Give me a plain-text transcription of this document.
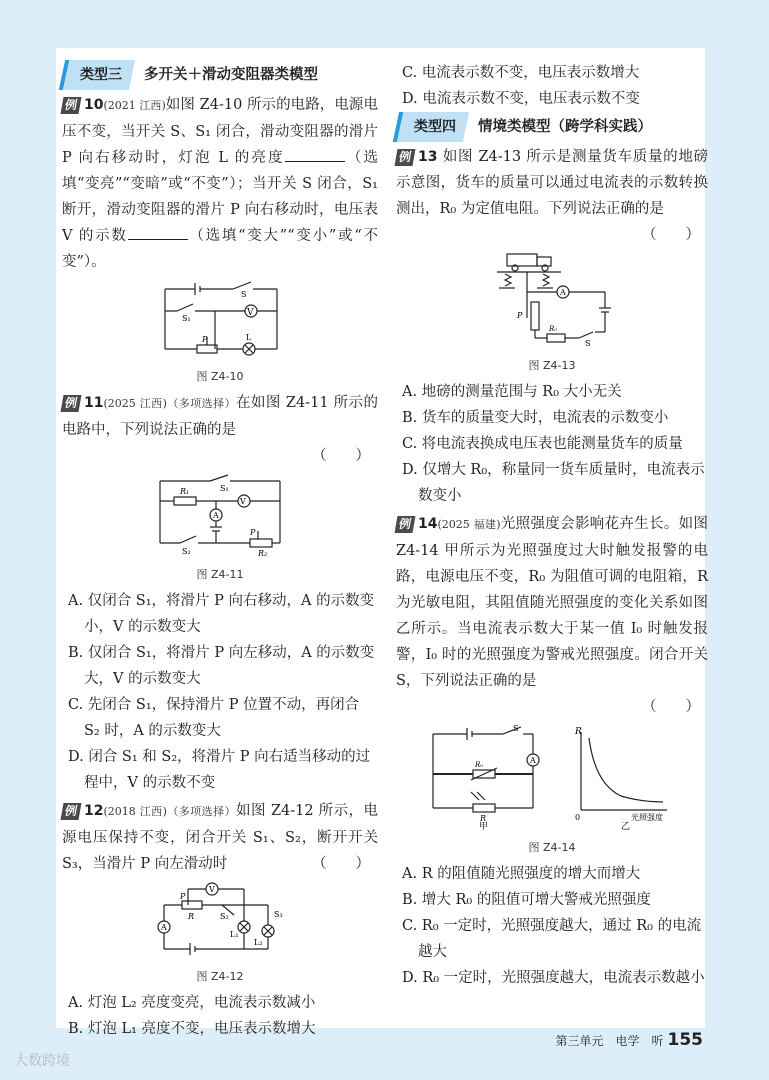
类型三	多开关＋滑动变阻器类模型
例 10(2021 江西)如图 Z4-10 所示的电路，电源电压不变，当开关 S、S₁ 闭合，滑动变阻器的滑片 P 向右移动时，灯泡 L 的亮度	（选填“变亮”“变暗”或“不变”）；当开关 S 闭合，S₁ 断开，滑动变阻器的滑片 P 向右移动时，电压表 V 的示数	（选填“变大”“变小”或“不变”）。
V
S
S₁
P	L
图 Z4-10
例 11(2025 江西)（多项选择）在如图 Z4-11 所示的电路中，下列说法正确的是
（　　）
R₁
A
V
S₁
S₂
P
R₂
图 Z4-11
A. 仅闭合 S₁，将滑片 P 向右移动，A 的示数变小，V 的示数变大
B. 仅闭合 S₁，将滑片 P 向左移动，A 的示数变大，V 的示数变大
C. 先闭合 S₁，保持滑片 P 位置不动，再闭合 S₂ 时，A 的示数变大
D. 闭合 S₁ 和 S₂，将滑片 P 向右适当移动的过程中，V 的示数不变
例 12(2018 江西)（多项选择）如图 Z4-12 所示，电源电压保持不变，闭合开关 S₁、S₂，断开开关 S₃，当滑片 P 向左滑动时	（　　）
V
A
P
R	S₂
L₁
L₂
S₃
图 Z4-12
A. 灯泡 L₂ 亮度变亮，电流表示数减小
B. 灯泡 L₁ 亮度不变，电压表示数增大
C. 电流表示数不变，电压表示数增大
D. 电流表示数不变，电压表示数不变
类型四	情境类模型（跨学科实践）
例 13 如图 Z4-13 所示是测量货车质量的地磅示意图，货车的质量可以通过电流表的示数转换测出，R₀ 为定值电阻。下列说法正确的是
（　　）
A
P
R₀
S
图 Z4-13
A. 地磅的测量范围与 R₀ 大小无关
B. 货车的质量变大时，电流表的示数变小
C. 将电流表换成电压表也能测量货车的质量
D. 仅增大 R₀，称量同一货车质量时，电流表示数变小
例 14(2025 福建)光照强度会影响花卉生长。如图 Z4-14 甲所示为光照强度过大时触发报警的电路，电源电压不变，R₀ 为阻值可调的电阻箱，R 为光敏电阻，其阻值随光照强度的变化关系如图乙所示。当电流表示数大于某一值 I₀ 时触发报警，I₀ 时的光照强度为警戒光照强度。闭合开关 S，下列说法正确的是
（　　）
A
R₀
R
甲
S	R
0	光照强度
乙
图 Z4-14
A. R 的阻值随光照强度的增大而增大
B. 增大 R₀ 的阻值可增大警戒光照强度
C. R₀ 一定时，光照强度越大，通过 R₀ 的电流越大
D. R₀ 一定时，光照强度越大，电流表示数越小
第三单元　电学　听 155
大数跨境
